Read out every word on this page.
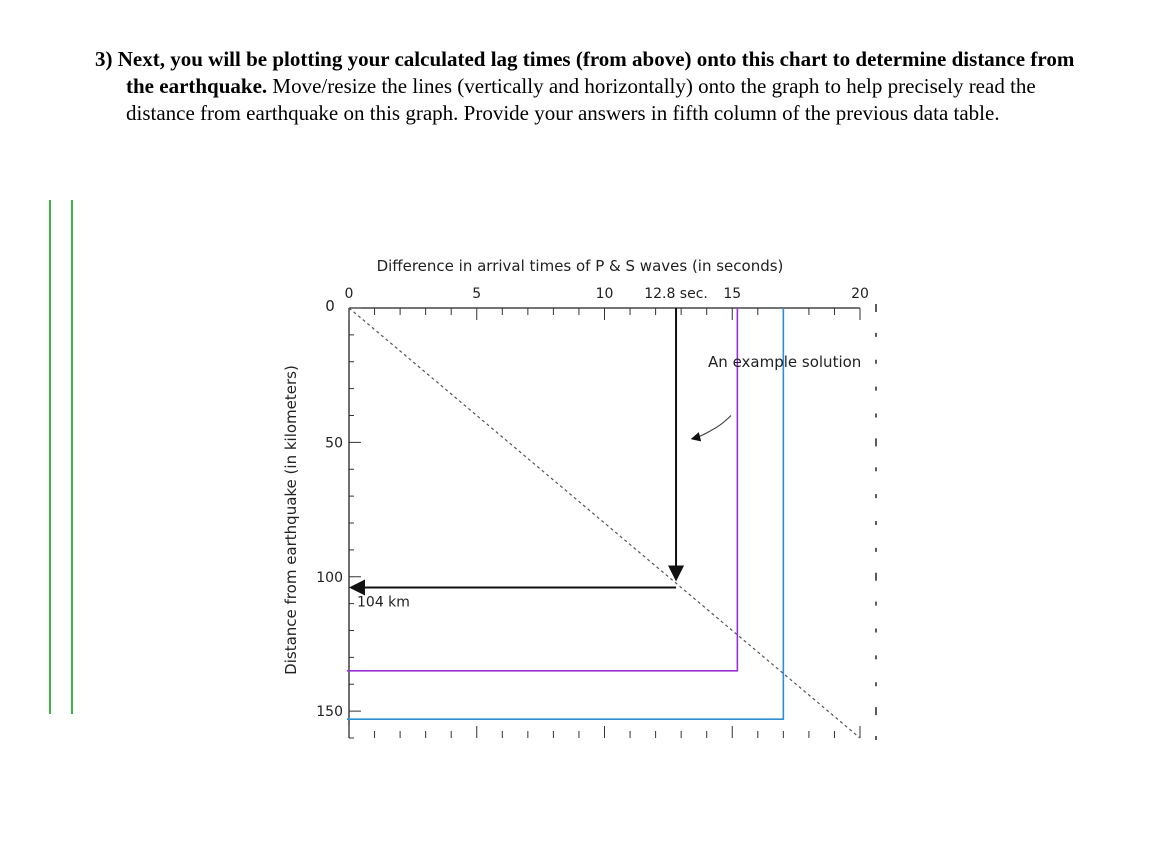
3) Next, you will be plotting your calculated lag times (from above) onto this chart to determine distance from the earthquake. Move/resize the lines (vertically and horizontally) onto the graph to help precisely read the distance from earthquake on this graph. Provide your answers in fifth column of the previous data table.

Difference in arrival times of P & S waves (in seconds)
Distance from earthquake (in kilometers)
0
0	5	10	15	20
50
100
150
12.8 sec.
104 km
An example solution
